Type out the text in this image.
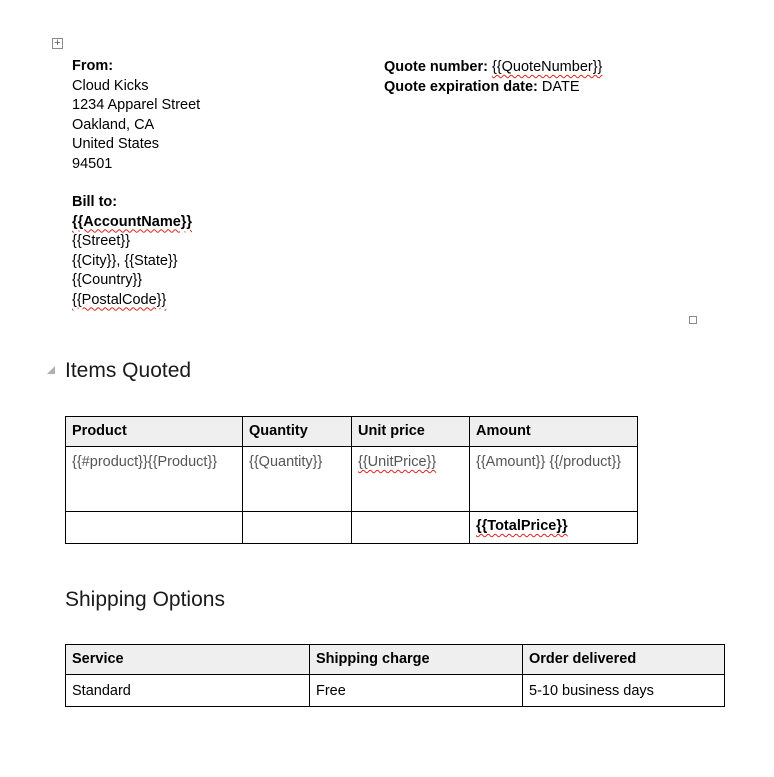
+
From:
Cloud Kicks
1234 Apparel Street
Oakland, CA
United States
94501
Quote number: {{QuoteNumber}}
Quote expiration date: DATE
Bill to:
{{AccountName}}
{{Street}}
{{City}}, {{State}}
{{Country}}
{{PostalCode}}
Items Quoted
Product	Quantity	Unit price	Amount
{{#product}}{{Product}}	{{Quantity}}	{{UnitPrice}}	{{Amount}} {{/product}}
			{{TotalPrice}}
Shipping Options
Service	Shipping charge	Order delivered
Standard	Free	5-10 business days
